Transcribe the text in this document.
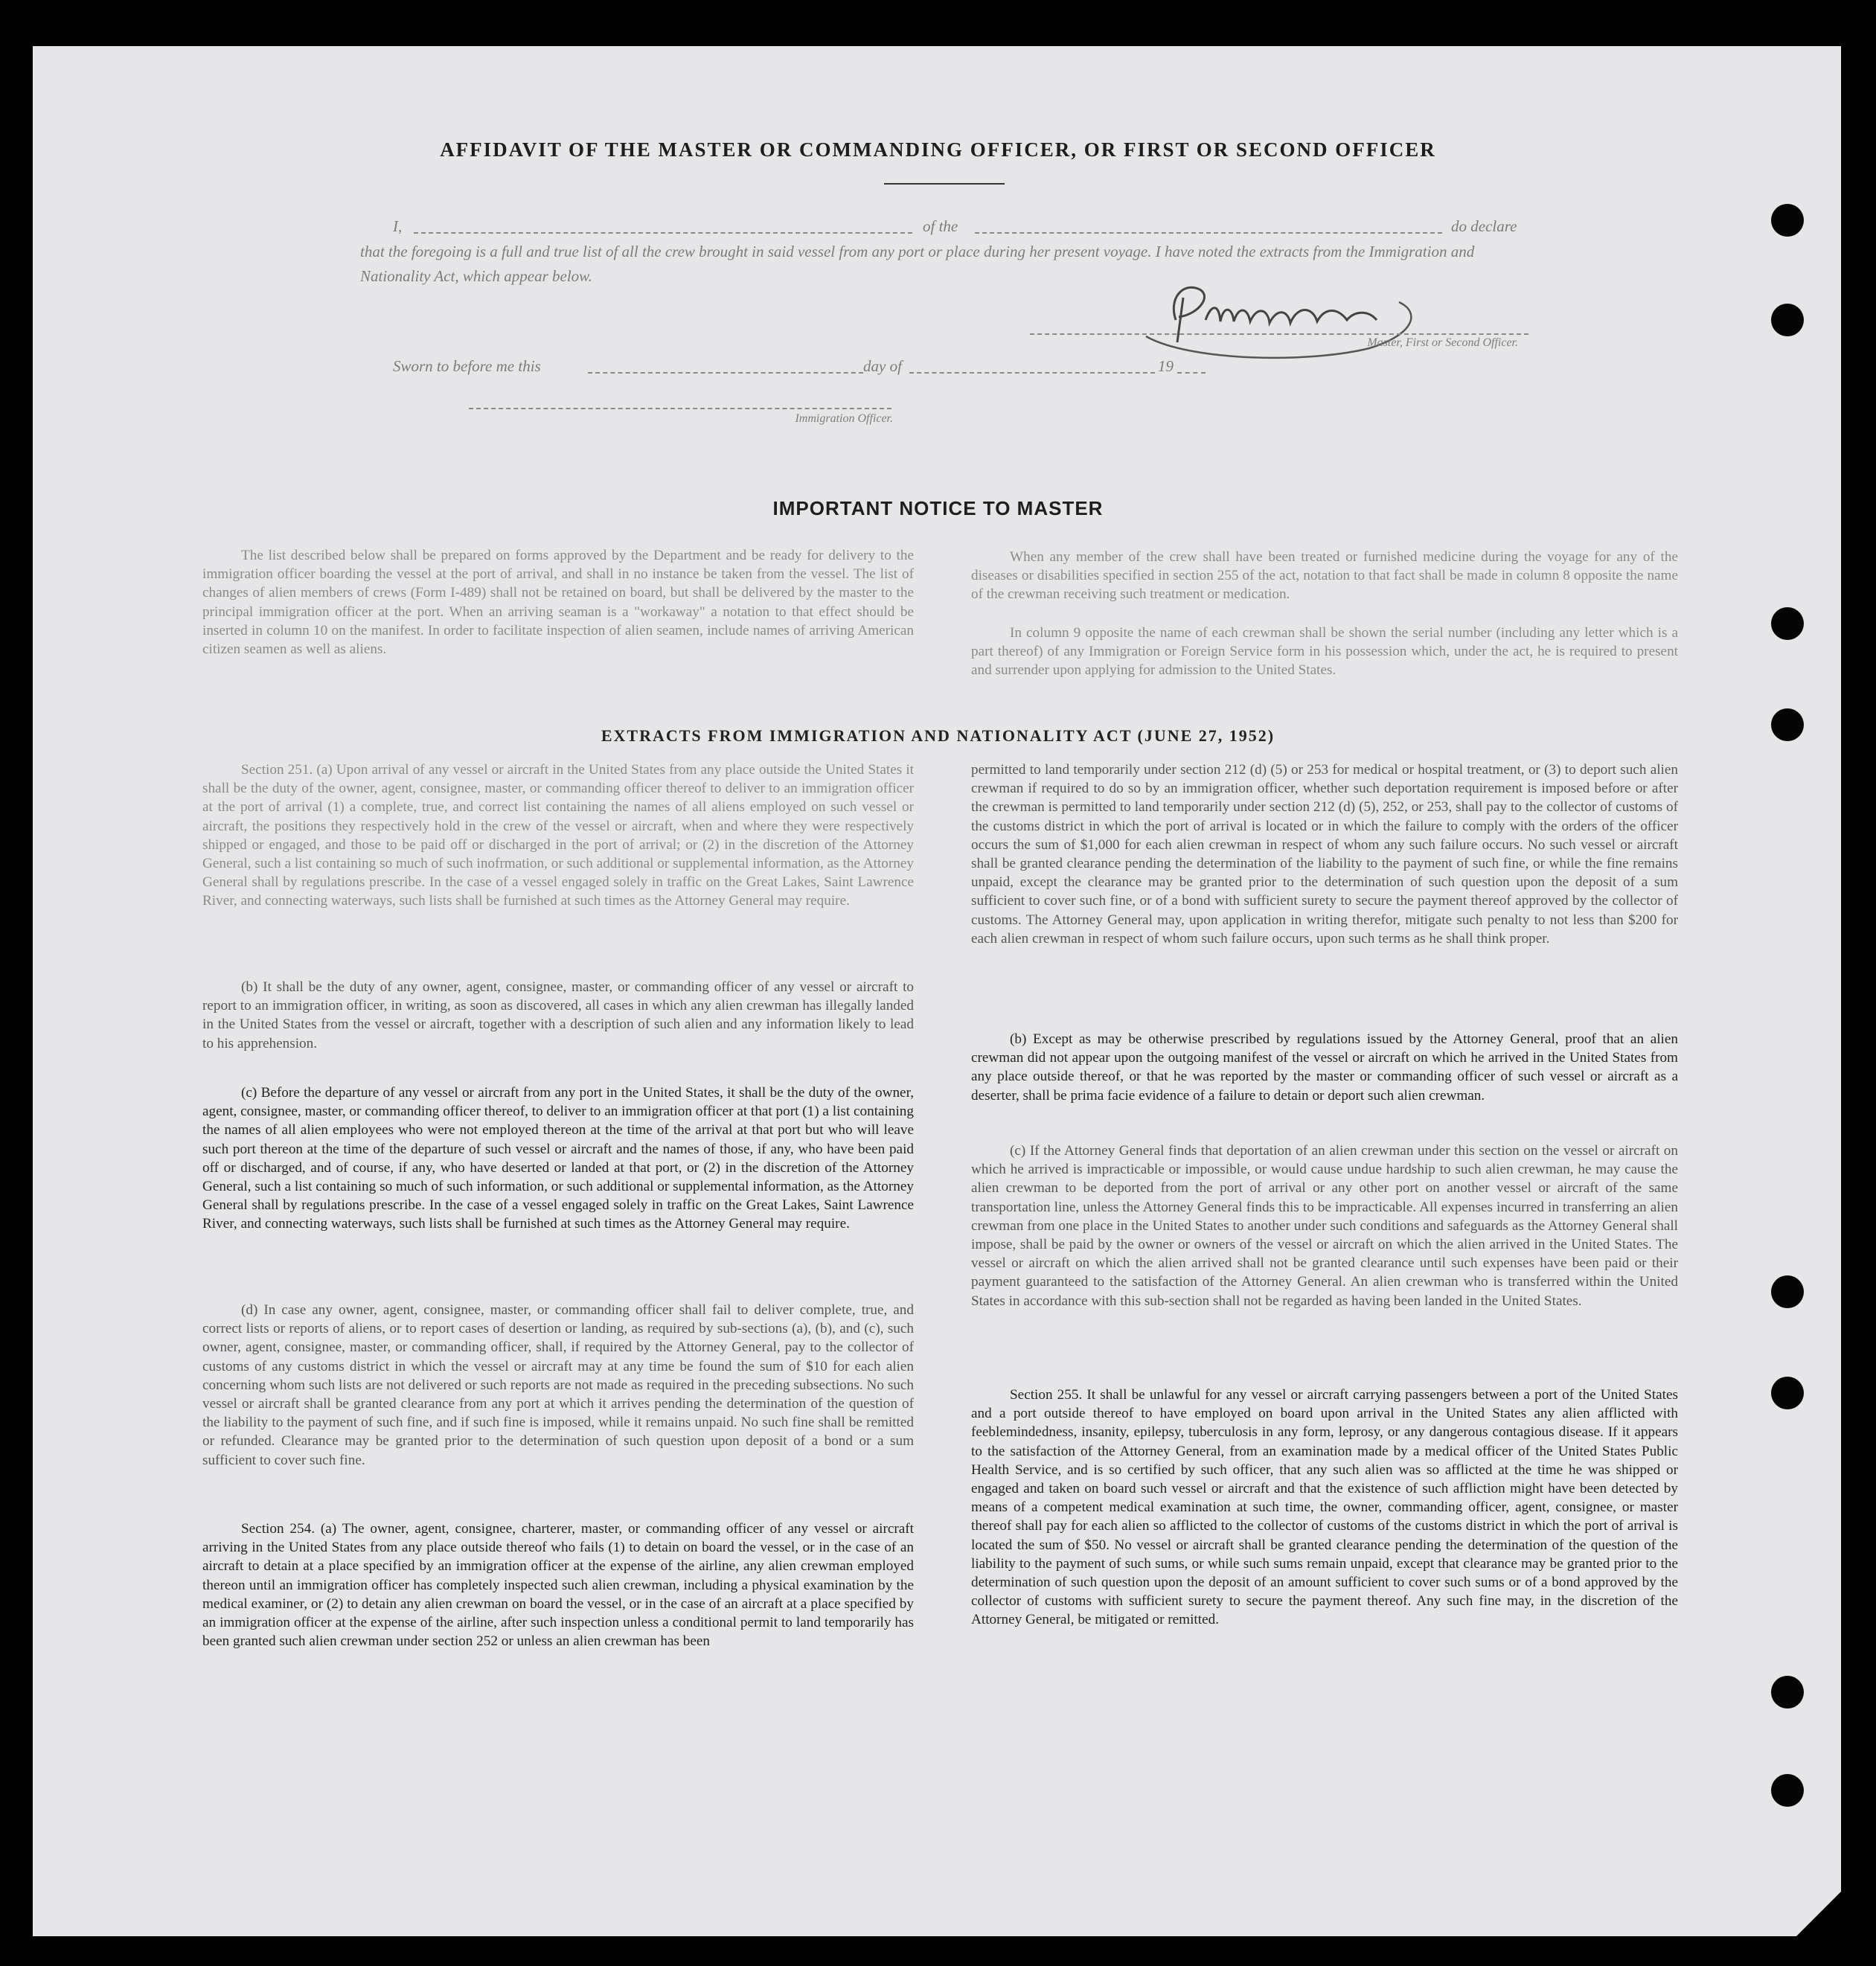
AFFIDAVIT OF THE MASTER OR COMMANDING OFFICER, OR FIRST OR SECOND OFFICER
I,	of the	do declare
that the foregoing is a full and true list of all the crew brought in said vessel from any port or place during her present voyage. I have noted the extracts from the Immigration and Nationality Act, which appear below.
Master, First or Second Officer.
Sworn to before me this	day of	19
Immigration Officer.
IMPORTANT NOTICE TO MASTER

The list described below shall be prepared on forms approved by the Department and be ready for delivery to the immigration officer boarding the vessel at the port of arrival, and shall in no instance be taken from the vessel. The list of changes of alien members of crews (Form I-489) shall not be retained on board, but shall be delivered by the master to the principal immigration officer at the port. When an arriving seaman is a "workaway" a notation to that effect should be inserted in column 10 on the manifest. In order to facilitate inspection of alien seamen, include names of arriving American citizen seamen as well as aliens.

When any member of the crew shall have been treated or furnished medicine during the voyage for any of the diseases or disabilities specified in section 255 of the act, notation to that fact shall be made in column 8 opposite the name of the crewman receiving such treatment or medication.

In column 9 opposite the name of each crewman shall be shown the serial number (including any letter which is a part thereof) of any Immigration or Foreign Service form in his possession which, under the act, he is required to present and surrender upon applying for admission to the United States.

EXTRACTS FROM IMMIGRATION AND NATIONALITY ACT (JUNE 27, 1952)

Section 251. (a) Upon arrival of any vessel or aircraft in the United States from any place outside the United States it shall be the duty of the owner, agent, consignee, master, or commanding officer thereof to deliver to an immigration officer at the port of arrival (1) a complete, true, and correct list containing the names of all aliens employed on such vessel or aircraft, the positions they respectively hold in the crew of the vessel or aircraft, when and where they were respectively shipped or engaged, and those to be paid off or discharged in the port of arrival; or (2) in the discretion of the Attorney General, such a list containing so much of such inofrmation, or such additional or supplemental information, as the Attorney General shall by regulations prescribe. In the case of a vessel engaged solely in traffic on the Great Lakes, Saint Lawrence River, and connecting waterways, such lists shall be furnished at such times as the Attorney General may require.

(b) It shall be the duty of any owner, agent, consignee, master, or commanding officer of any vessel or aircraft to report to an immigration officer, in writing, as soon as discovered, all cases in which any alien crewman has illegally landed in the United States from the vessel or aircraft, together with a description of such alien and any information likely to lead to his apprehension.

(c) Before the departure of any vessel or aircraft from any port in the United States, it shall be the duty of the owner, agent, consignee, master, or commanding officer thereof, to deliver to an immigration officer at that port (1) a list containing the names of all alien employees who were not employed thereon at the time of the arrival at that port but who will leave such port thereon at the time of the departure of such vessel or aircraft and the names of those, if any, who have been paid off or discharged, and of course, if any, who have deserted or landed at that port, or (2) in the discretion of the Attorney General, such a list containing so much of such information, or such additional or supplemental information, as the Attorney General shall by regulations prescribe. In the case of a vessel engaged solely in traffic on the Great Lakes, Saint Lawrence River, and connecting waterways, such lists shall be furnished at such times as the Attorney General may require.

(d) In case any owner, agent, consignee, master, or commanding officer shall fail to deliver complete, true, and correct lists or reports of aliens, or to report cases of desertion or landing, as required by sub-sections (a), (b), and (c), such owner, agent, consignee, master, or commanding officer, shall, if required by the Attorney General, pay to the collector of customs of any customs district in which the vessel or aircraft may at any time be found the sum of $10 for each alien concerning whom such lists are not delivered or such reports are not made as required in the preceding subsections. No such vessel or aircraft shall be granted clearance from any port at which it arrives pending the determination of the question of the liability to the payment of such fine, and if such fine is imposed, while it remains unpaid. No such fine shall be remitted or refunded. Clearance may be granted prior to the determination of such question upon deposit of a bond or a sum sufficient to cover such fine.

Section 254. (a) The owner, agent, consignee, charterer, master, or commanding officer of any vessel or aircraft arriving in the United States from any place outside thereof who fails (1) to detain on board the vessel, or in the case of an aircraft to detain at a place specified by an immigration officer at the expense of the airline, any alien crewman employed thereon until an immigration officer has completely inspected such alien crewman, including a physical examination by the medical examiner, or (2) to detain any alien crewman on board the vessel, or in the case of an aircraft at a place specified by an immigration officer at the expense of the airline, after such inspection unless a conditional permit to land temporarily has been granted such alien crewman under section 252 or unless an alien crewman has been

permitted to land temporarily under section 212 (d) (5) or 253 for medical or hospital treatment, or (3) to deport such alien crewman if required to do so by an immigration officer, whether such deportation requirement is imposed before or after the crewman is permitted to land temporarily under section 212 (d) (5), 252, or 253, shall pay to the collector of customs of the customs district in which the port of arrival is located or in which the failure to comply with the orders of the officer occurs the sum of $1,000 for each alien crewman in respect of whom any such failure occurs. No such vessel or aircraft shall be granted clearance pending the determination of the liability to the payment of such fine, or while the fine remains unpaid, except the clearance may be granted prior to the determination of such question upon the deposit of a sum sufficient to cover such fine, or of a bond with sufficient surety to secure the payment thereof approved by the collector of customs. The Attorney General may, upon application in writing therefor, mitigate such penalty to not less than $200 for each alien crewman in respect of whom such failure occurs, upon such terms as he shall think proper.

(b) Except as may be otherwise prescribed by regulations issued by the Attorney General, proof that an alien crewman did not appear upon the outgoing manifest of the vessel or aircraft on which he arrived in the United States from any place outside thereof, or that he was reported by the master or commanding officer of such vessel or aircraft as a deserter, shall be prima facie evidence of a failure to detain or deport such alien crewman.

(c) If the Attorney General finds that deportation of an alien crewman under this section on the vessel or aircraft on which he arrived is impracticable or impossible, or would cause undue hardship to such alien crewman, he may cause the alien crewman to be deported from the port of arrival or any other port on another vessel or aircraft of the same transportation line, unless the Attorney General finds this to be impracticable. All expenses incurred in transferring an alien crewman from one place in the United States to another under such conditions and safeguards as the Attorney General shall impose, shall be paid by the owner or owners of the vessel or aircraft on which the alien arrived in the United States. The vessel or aircraft on which the alien arrived shall not be granted clearance until such expenses have been paid or their payment guaranteed to the satisfaction of the Attorney General. An alien crewman who is transferred within the United States in accordance with this sub-section shall not be regarded as having been landed in the United States.

Section 255. It shall be unlawful for any vessel or aircraft carrying passengers between a port of the United States and a port outside thereof to have employed on board upon arrival in the United States any alien afflicted with feeblemindedness, insanity, epilepsy, tuberculosis in any form, leprosy, or any dangerous contagious disease. If it appears to the satisfaction of the Attorney General, from an examination made by a medical officer of the United States Public Health Service, and is so certified by such officer, that any such alien was so afflicted at the time he was shipped or engaged and taken on board such vessel or aircraft and that the existence of such affliction might have been detected by means of a competent medical examination at such time, the owner, commanding officer, agent, consignee, or master thereof shall pay for each alien so afflicted to the collector of customs of the customs district in which the port of arrival is located the sum of $50. No vessel or aircraft shall be granted clearance pending the determination of the question of the liability to the payment of such sums, or while such sums remain unpaid, except that clearance may be granted prior to the determination of such question upon the deposit of an amount sufficient to cover such sums or of a bond approved by the collector of customs with sufficient surety to secure the payment thereof. Any such fine may, in the discretion of the Attorney General, be mitigated or remitted.
